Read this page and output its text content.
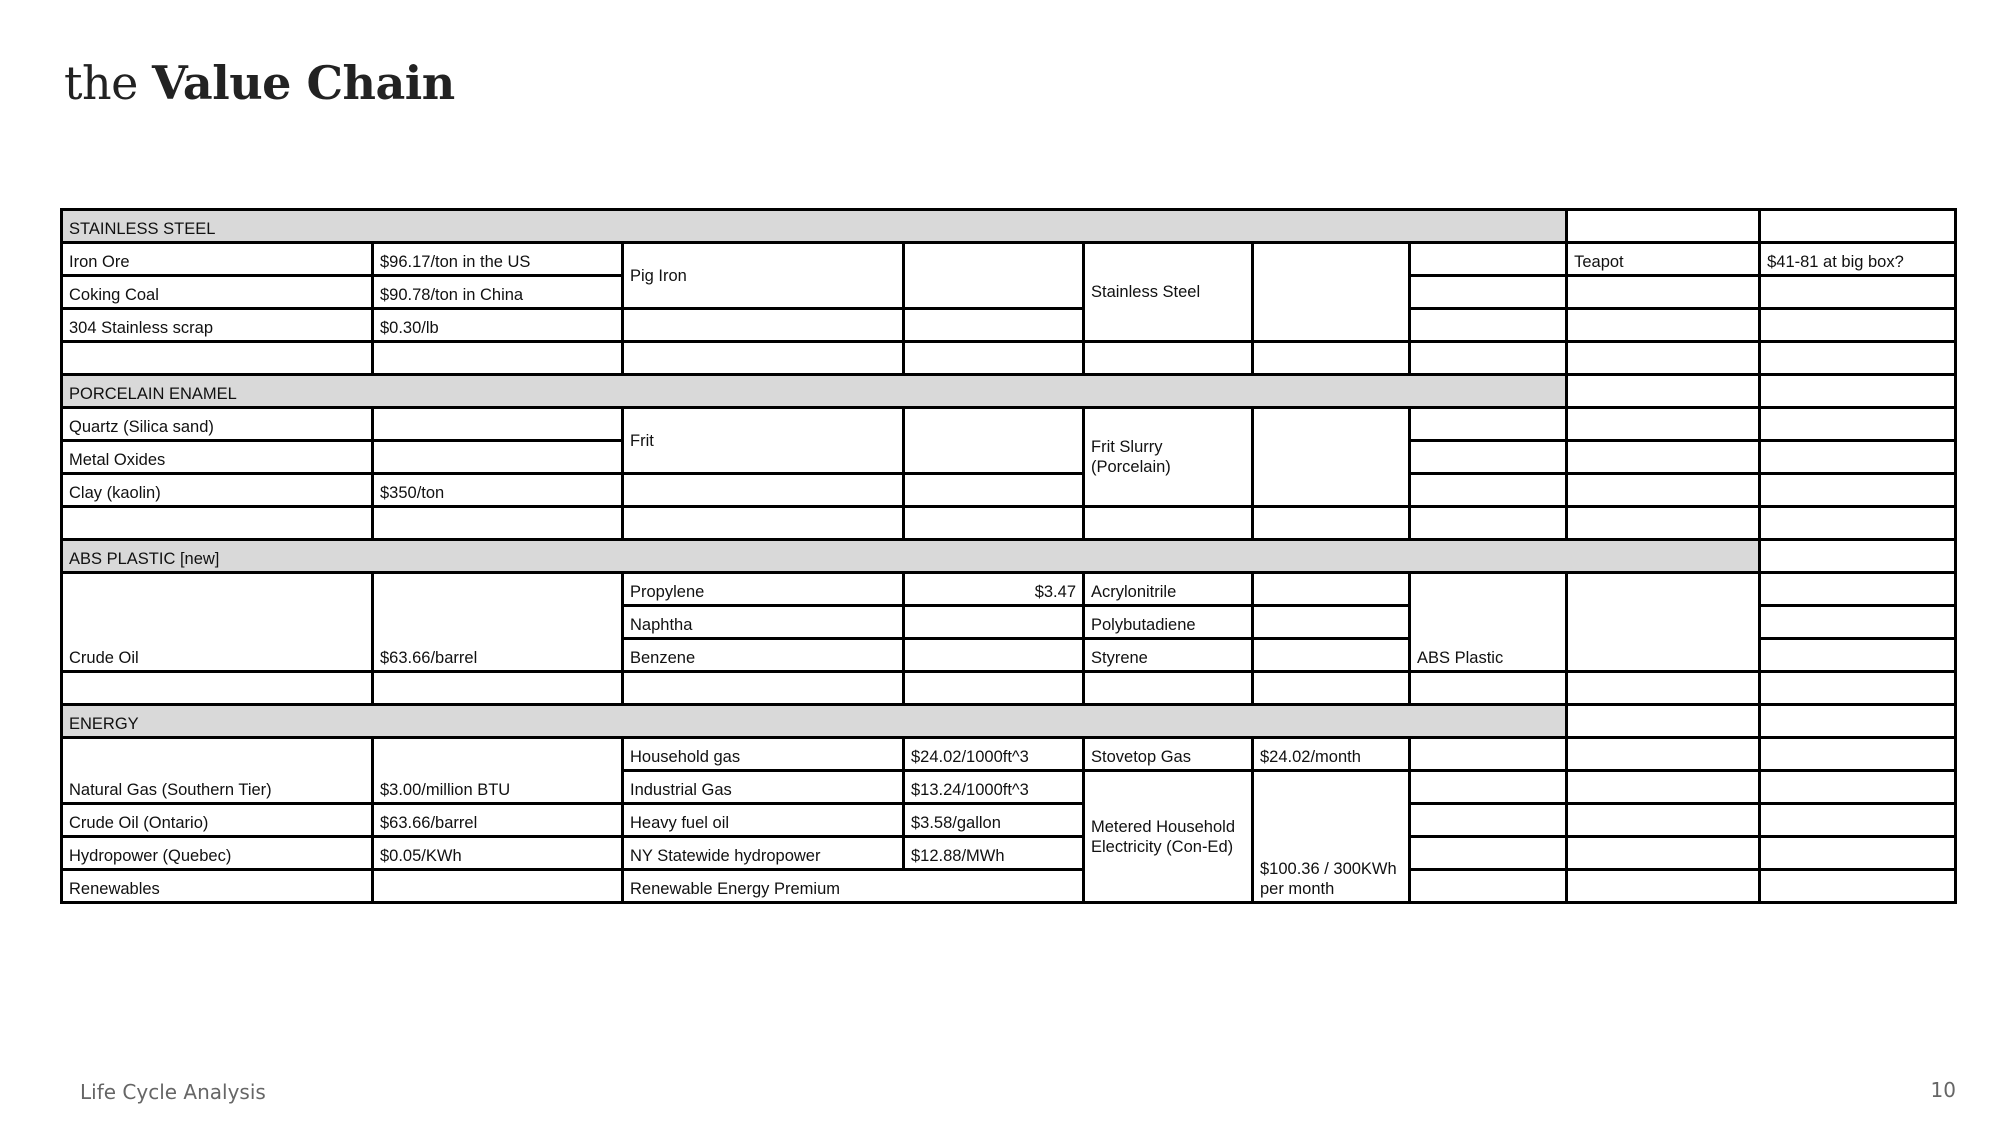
the Value Chain
STAINLESS STEEL								
Iron Ore	$96.17/ton in the US	Pig Iron		Stainless Steel			Teapot	$41-81 at big box?
Coking Coal	$90.78/ton in China							
304 Stainless scrap	$0.30/lb							

PORCELAIN ENAMEL								
Quartz (Silica sand)		Frit		Frit Slurry (Porcelain)				
Metal Oxides								
Clay (kaolin)	$350/ton							

ABS PLASTIC [new]								
Crude Oil	$63.66/barrel	Propylene	$3.47	Acrylonitrile		ABS Plastic		
		Naphtha		Polybutadiene				
		Benzene		Styrene				

ENERGY								
Natural Gas (Southern Tier)	$3.00/million BTU	Household gas	$24.02/1000ft^3	Stovetop Gas	$24.02/month			
		Industrial Gas	$13.24/1000ft^3	Metered Household Electricity (Con-Ed)	$100.36 / 300KWh per month			
Crude Oil (Ontario)	$63.66/barrel	Heavy fuel oil	$3.58/gallon					
Hydropower (Quebec)	$0.05/KWh	NY Statewide hydropower	$12.88/MWh					
Renewables		Renewable Energy Premium						
Life Cycle Analysis	10
